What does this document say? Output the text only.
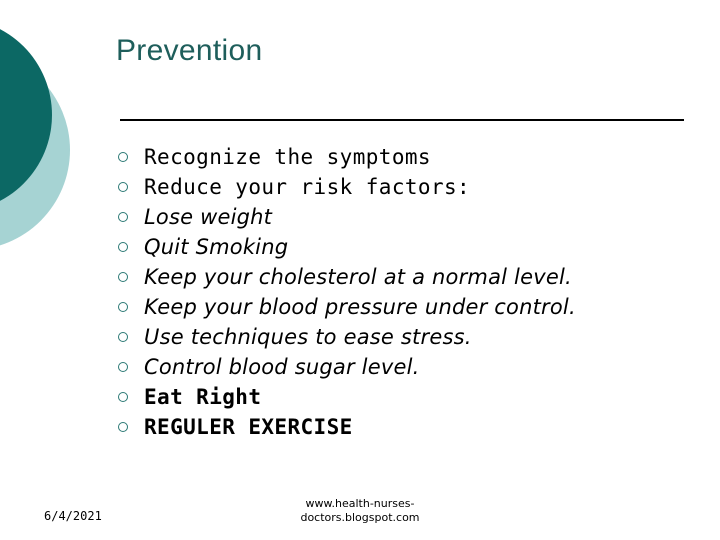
Prevention
Recognize the symptoms
Reduce your risk factors:
Lose weight
Quit Smoking
Keep your cholesterol at a normal level.
Keep your blood pressure under control.
Use techniques to ease stress.
Control blood sugar level.
Eat Right
REGULER EXERCISE
6/4/2021
www.health-nurses-
doctors.blogspot.com
